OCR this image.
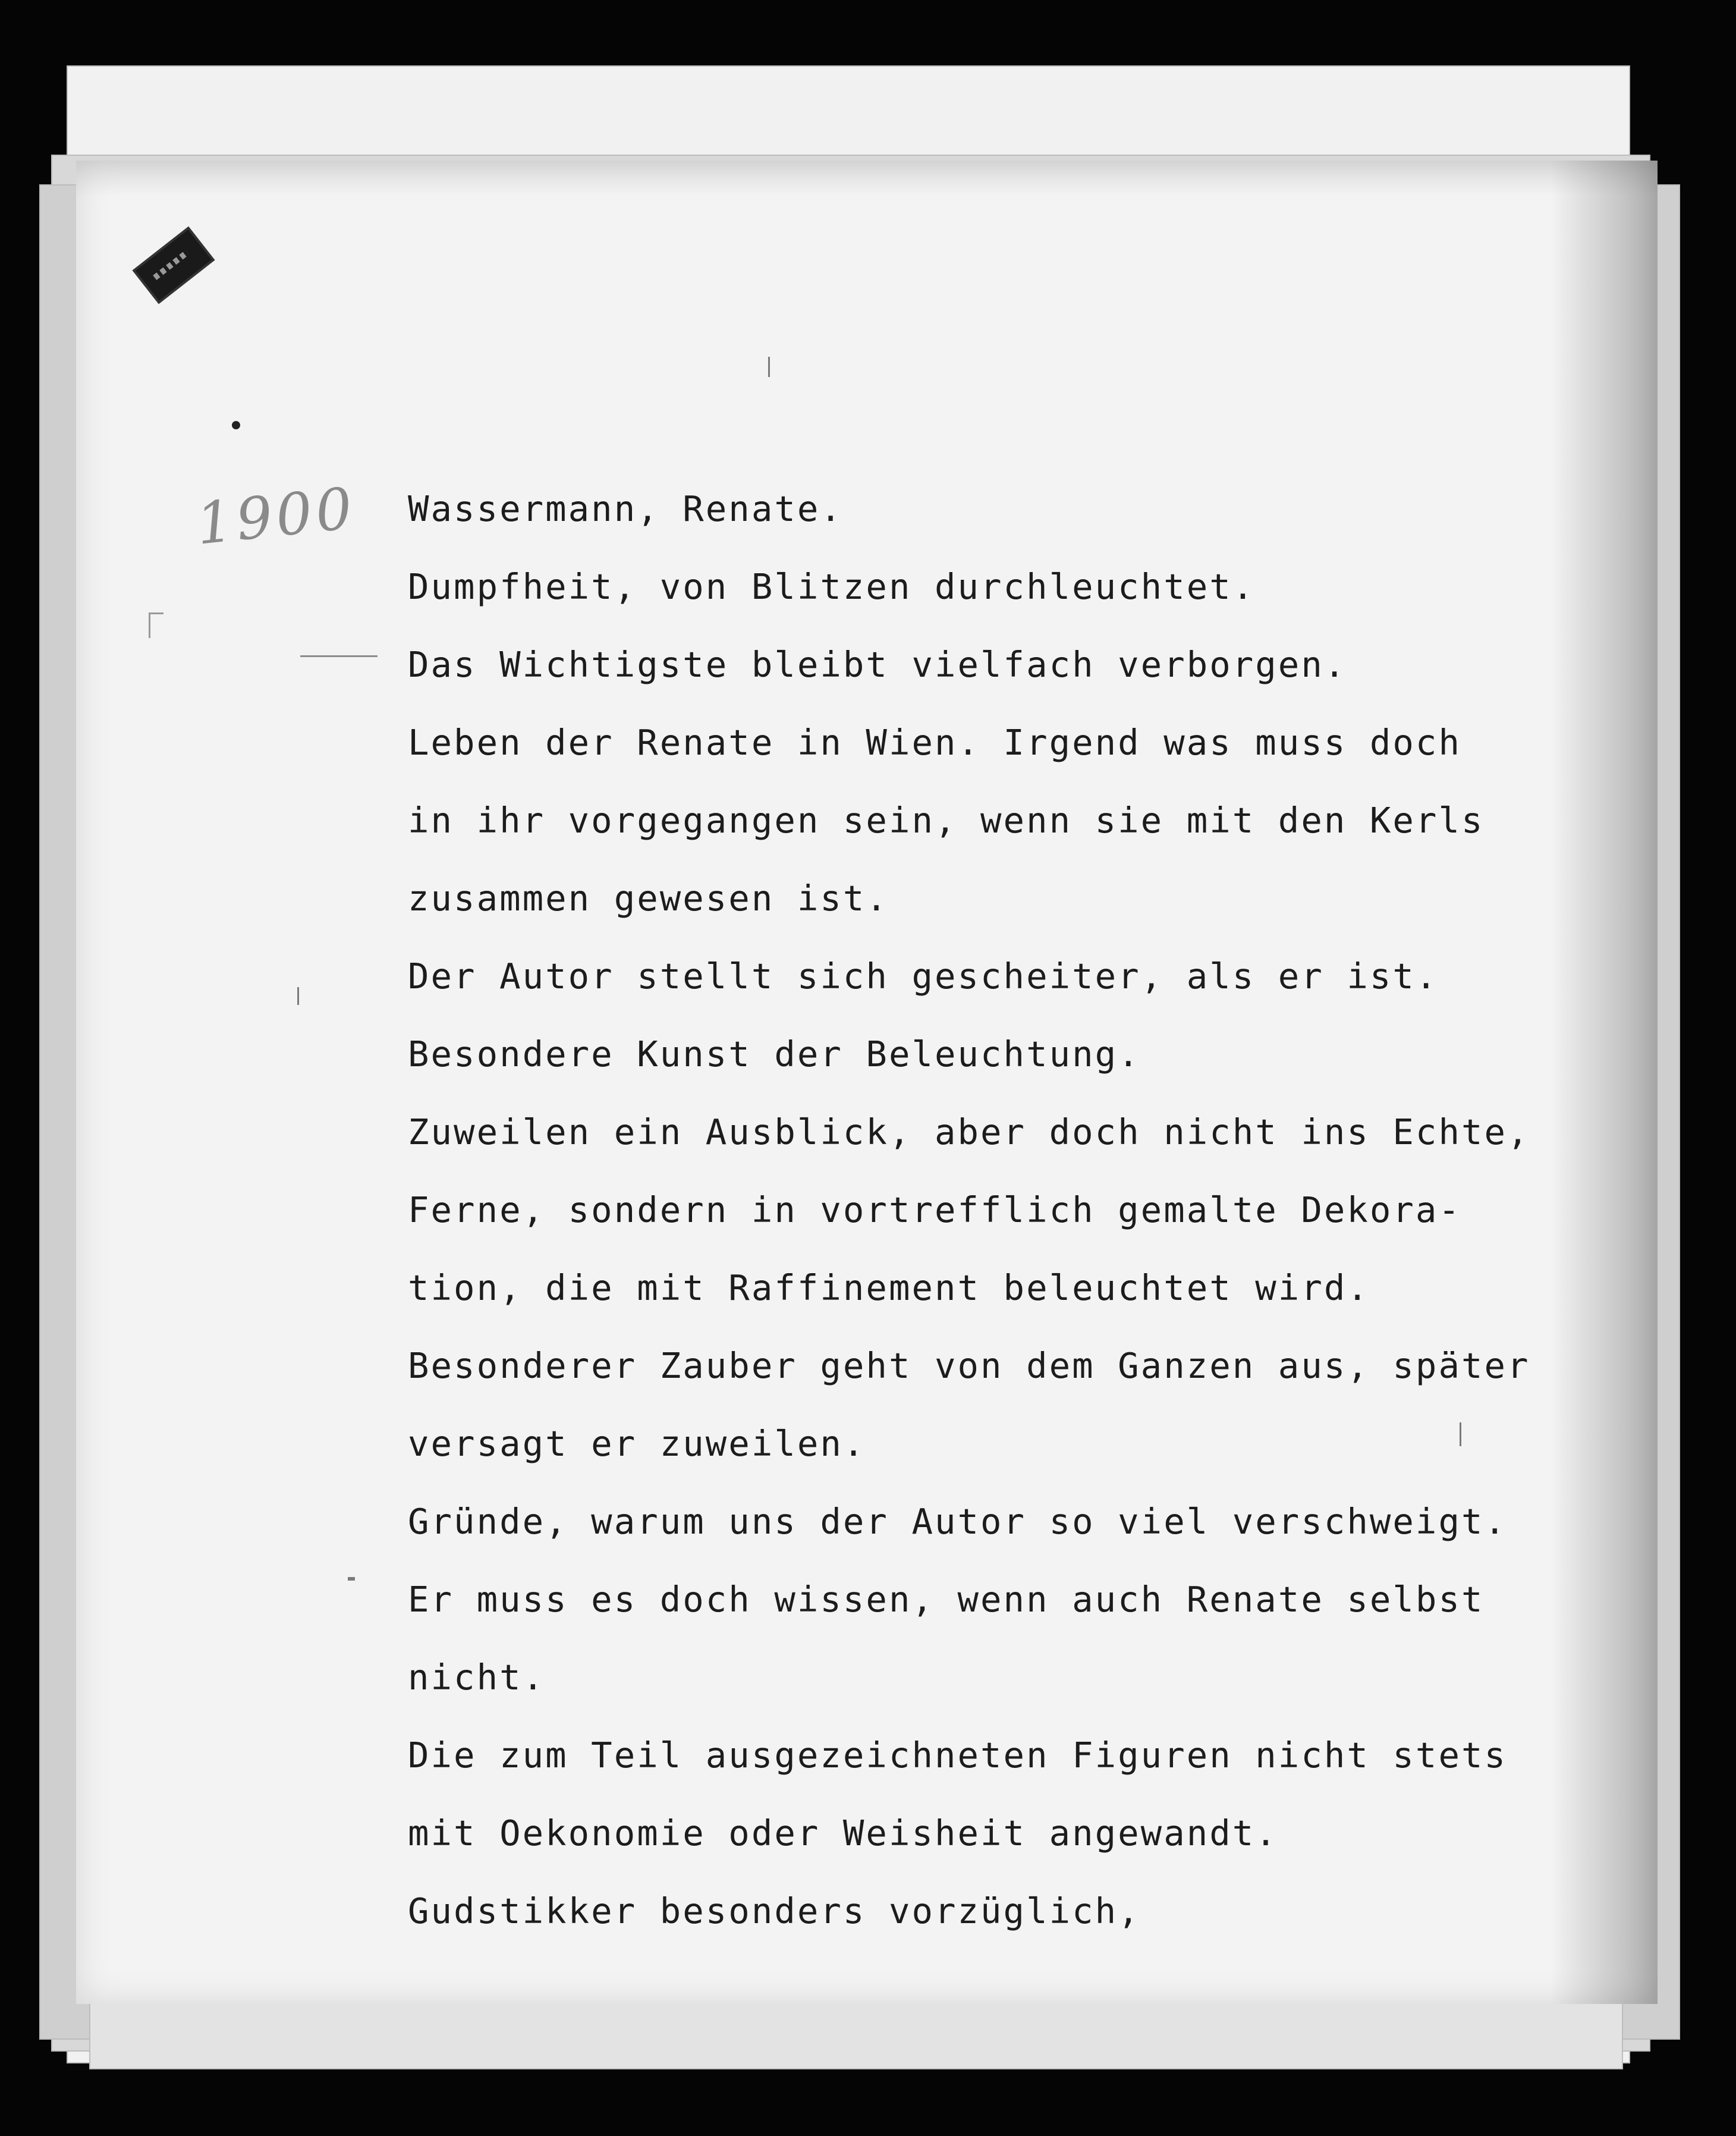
1900 Wassermann, Renate.
Dumpfheit, von Blitzen durchleuchtet.
Das Wichtigste bleibt vielfach verborgen.
Leben der Renate in Wien. Irgend was muss doch
in ihr vorgegangen sein, wenn sie mit den Kerls
zusammen gewesen ist.
Der Autor stellt sich gescheiter, als er ist.
Besondere Kunst der Beleuchtung.
Zuweilen ein Ausblick, aber doch nicht ins Echte,
Ferne, sondern in vortrefflich gemalte Dekora-
tion, die mit Raffinement beleuchtet wird.
Besonderer Zauber geht von dem Ganzen aus, später
versagt er zuweilen.
Gründe, warum uns der Autor so viel verschweigt.
Er muss es doch wissen, wenn auch Renate selbst
nicht.
Die zum Teil ausgezeichneten Figuren nicht stets
mit Oekonomie oder Weisheit angewandt.
Gudstikker besonders vorzüglich,
